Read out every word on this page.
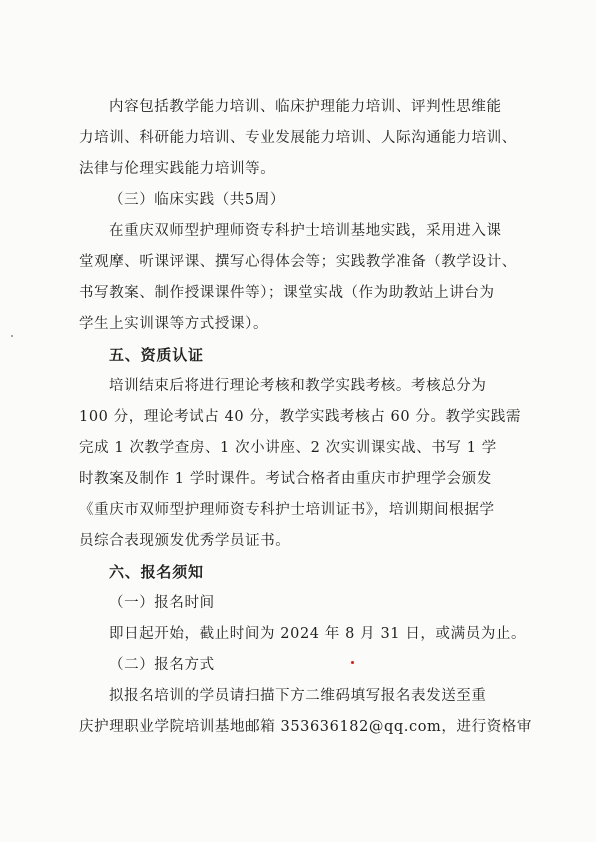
内容包括教学能力培训、临床护理能力培训、评判性思维能

力培训、科研能力培训、专业发展能力培训、人际沟通能力培训、

法律与伦理实践能力培训等。

（三）临床实践（共5周）

在重庆双师型护理师资专科护士培训基地实践，采用进入课

堂观摩、听课评课、撰写心得体会等；实践教学准备（教学设计、

书写教案、制作授课课件等）；课堂实战（作为助教站上讲台为

学生上实训课等方式授课）。

五、资质认证

培训结束后将进行理论考核和教学实践考核。考核总分为

100 分，理论考试占 40 分，教学实践考核占 60 分。教学实践需

完成 1 次教学查房、1 次小讲座、2 次实训课实战、书写 1 学

时教案及制作 1 学时课件。考试合格者由重庆市护理学会颁发

《重庆市双师型护理师资专科护士培训证书》，培训期间根据学

员综合表现颁发优秀学员证书。

六、报名须知
（一）报名时间

即日起开始，截止时间为 2024 年 8 月 31 日，或满员为止。

（二）报名方式

拟报名培训的学员请扫描下方二维码填写报名表发送至重

庆护理职业学院培训基地邮箱 353636182@qq.com，进行资格审
